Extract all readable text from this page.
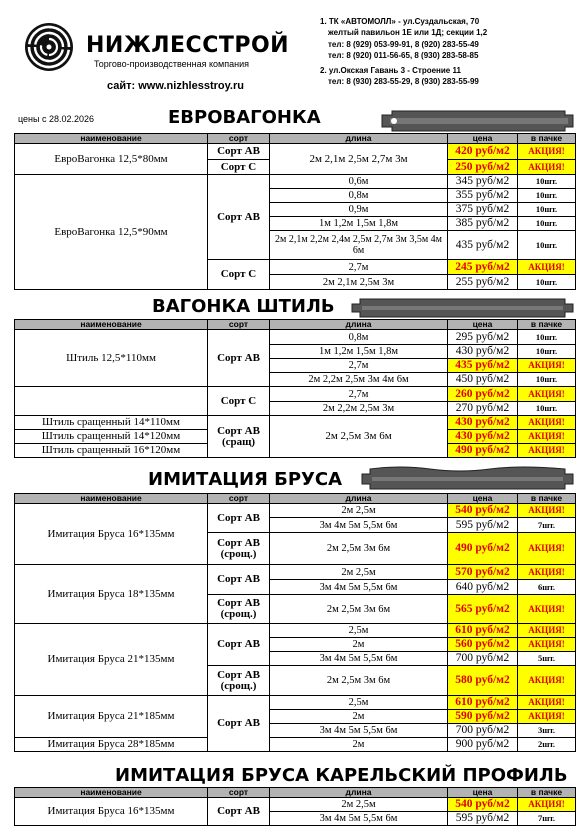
НИЖЛЕССТРОЙ
Торгово-производственная компания
сайт: www.nizhlesstroy.ru
1. ТК «АВТОМОЛЛ» - ул.Суздальская, 70
желтый павильон 1Е или 1Д; секции 1,2
тел: 8 (929) 053-99-91, 8 (920) 283-55-49
тел: 8 (920) 011-56-65, 8 (930) 283-58-85
2. ул.Окская Гавань 3 - Строение 11
тел: 8 (930) 283-55-29, 8 (930) 283-55-99
цены с 28.02.2026	ЕВРОВАГОНКА
наименование	сорт	длина	цена	в пачке
ЕвроВагонка 12,5*80мм	Сорт АВ	2м 2,1м 2,5м 2,7м 3м	420 руб/м2	АКЦИЯ!
	Сорт С		250 руб/м2	АКЦИЯ!
ЕвроВагонка 12,5*90мм	Сорт АВ	0,6м	345 руб/м2	10шт.
		0,8м	355 руб/м2	10шт.
		0,9м	375 руб/м2	10шт.
		1м 1,2м 1,5м 1,8м	385 руб/м2	10шт.
		2м 2,1м 2,2м 2,4м 2,5м 2,7м 3м 3,5м 4м 6м	435 руб/м2	10шт.
	Сорт С	2,7м	245 руб/м2	АКЦИЯ!
		2м 2,1м 2,5м 3м	255 руб/м2	10шт.
ВАГОНКА ШТИЛЬ
наименование	сорт	длина	цена	в пачке
Штиль 12,5*110мм	Сорт АВ	0,8м	295 руб/м2	10шт.
		1м 1,2м 1,5м 1,8м	430 руб/м2	10шт.
		2,7м	435 руб/м2	АКЦИЯ!
		2м 2,2м 2,5м 3м 4м 6м	450 руб/м2	10шт.
	Сорт С	2,7м	260 руб/м2	АКЦИЯ!
		2м 2,2м 2,5м 3м	270 руб/м2	10шт.
Штиль сращенный 14*110мм	Сорт АВ (сращ)	2м 2,5м 3м 6м	430 руб/м2	АКЦИЯ!
Штиль сращенный 14*120мм			430 руб/м2	АКЦИЯ!
Штиль сращенный 16*120мм			490 руб/м2	АКЦИЯ!
ИМИТАЦИЯ БРУСА
наименование	сорт	длина	цена	в пачке
Имитация Бруса 16*135мм	Сорт АВ	2м 2,5м	540 руб/м2	АКЦИЯ!
		3м 4м 5м 5,5м 6м	595 руб/м2	7шт.
	Сорт АВ (срощ.)	2м 2,5м 3м 6м	490 руб/м2	АКЦИЯ!
Имитация Бруса 18*135мм	Сорт АВ	2м 2,5м	570 руб/м2	АКЦИЯ!
		3м 4м 5м 5,5м 6м	640 руб/м2	6шт.
	Сорт АВ (срощ.)	2м 2,5м 3м 6м	565 руб/м2	АКЦИЯ!
Имитация Бруса 21*135мм	Сорт АВ	2,5м	610 руб/м2	АКЦИЯ!
		2м	560 руб/м2	АКЦИЯ!
		3м 4м 5м 5,5м 6м	700 руб/м2	5шт.
	Сорт АВ (срощ.)	2м 2,5м 3м 6м	580 руб/м2	АКЦИЯ!
Имитация Бруса 21*185мм	Сорт АВ	2,5м	610 руб/м2	АКЦИЯ!
		2м	590 руб/м2	АКЦИЯ!
		3м 4м 5м 5,5м 6м	700 руб/м2	3шт.
Имитация Бруса 28*185мм		2м	900 руб/м2	2шт.
ИМИТАЦИЯ БРУСА КАРЕЛЬСКИЙ ПРОФИЛЬ
наименование	сорт	длина	цена	в пачке
Имитация Бруса 16*135мм	Сорт АВ	2м 2,5м	540 руб/м2	АКЦИЯ!
		3м 4м 5м 5,5м 6м	595 руб/м2	7шт.
